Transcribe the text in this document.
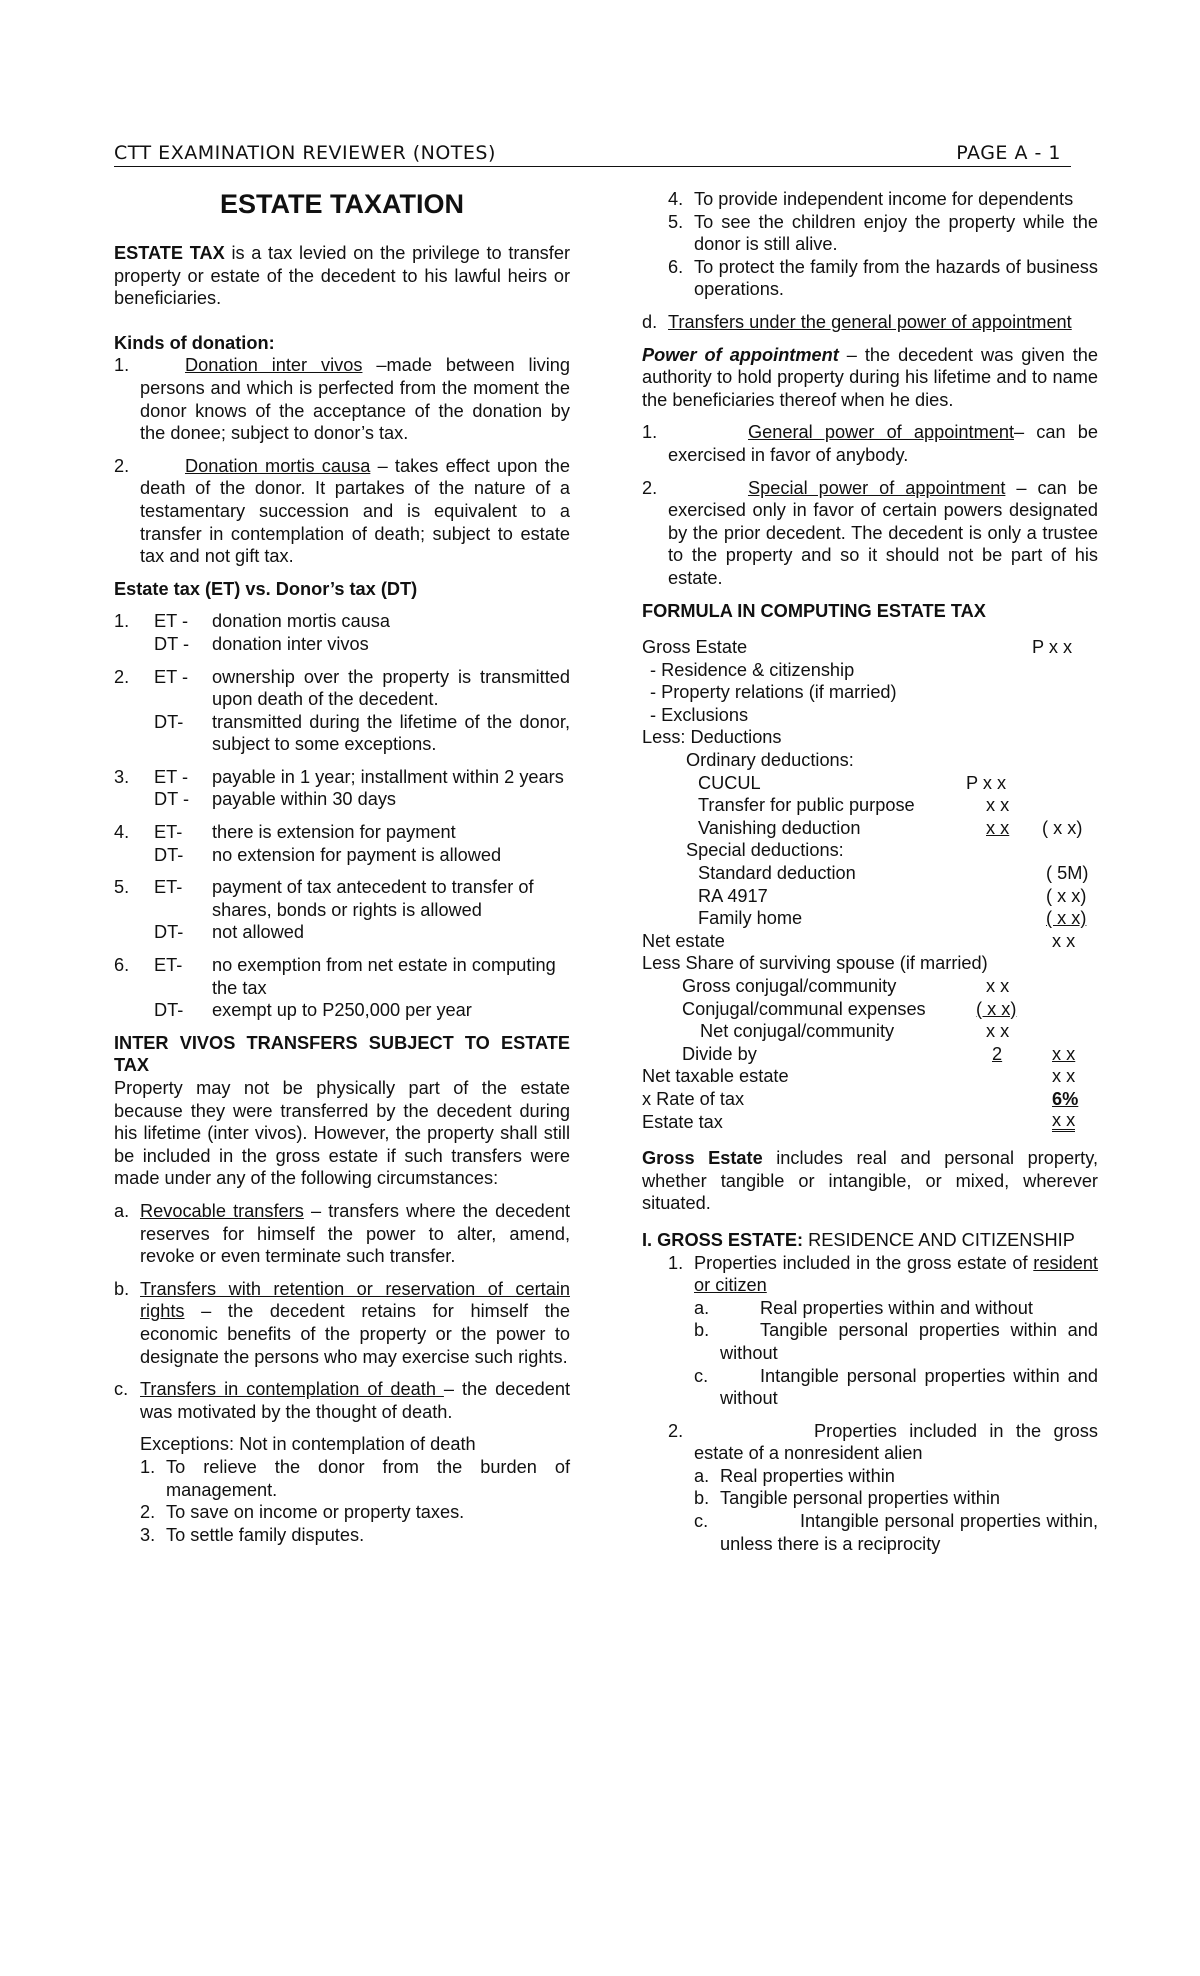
CTT EXAMINATION REVIEWER (NOTES)	PAGE A - 1
ESTATE TAXATION

ESTATE TAX is a tax levied on the privilege to transfer property or estate of the decedent to his lawful heirs or beneficiaries.

Kinds of donation:

1.	Donation inter vivos –made between living persons and which is perfected from the moment the donor knows of the acceptance of the donation by the donee; subject to donor’s tax.
2.	Donation mortis causa – takes effect upon the death of the donor. It partakes of the nature of a testamentary succession and is equivalent to a transfer in contemplation of death; subject to estate tax and not gift tax.

Estate tax (ET) vs. Donor’s tax (DT)

1.	ET -	donation mortis causa
DT -	donation inter vivos
2.	ET -	ownership over the property is transmitted upon death of the decedent.
DT-	transmitted during the lifetime of the donor, subject to some exceptions.
3.	ET -	payable in 1 year; installment within 2 years
DT -	payable within 30 days
4.	ET-	there is extension for payment
DT-	no extension for payment is allowed
5.	ET-	payment of tax antecedent to transfer of shares, bonds or rights is allowed
DT-	not allowed
6.	ET-	no exemption from net estate in computing the tax
DT-	exempt up to P250,000 per year

INTER VIVOS TRANSFERS SUBJECT TO ESTATE TAX

Property may not be physically part of the estate because they were transferred by the decedent during his lifetime (inter vivos). However, the property shall still be included in the gross estate if such transfers were made under any of the following circumstances:

a. Revocable transfers – transfers where the decedent reserves for himself the power to alter, amend, revoke or even terminate such transfer.
b. Transfers with retention or reservation of certain rights – the decedent retains for himself the economic benefits of the property or the power to designate the persons who may exercise such rights.
c. Transfers in contemplation of death – the decedent was motivated by the thought of death.

Exceptions: Not in contemplation of death

1. To relieve the donor from the burden of management.
2. To save on income or property taxes.
3. To settle family disputes.
4. To provide independent income for dependents
5. To see the children enjoy the property while the donor is still alive.
6. To protect the family from the hazards of business operations.
d. Transfers under the general power of appointment

Power of appointment – the decedent was given the authority to hold property during his lifetime and to name the beneficiaries thereof when he dies.

1.	General power of appointment– can be exercised in favor of anybody.
2.	Special power of appointment – can be exercised only in favor of certain powers designated by the prior decedent. The decedent is only a trustee to the property and so it should not be part of his estate.

FORMULA IN COMPUTING ESTATE TAX

Gross Estate	P x x
- Residence & citizenship
- Property relations (if married)
- Exclusions
Less: Deductions
Ordinary deductions:
CUCUL	P x x
Transfer for public purpose	x x
Vanishing deduction	x x ( x x)
Special deductions:
Standard deduction	( 5M)
RA 4917	( x x)
Family home	( x x)
Net estate	x x
Less Share of surviving spouse (if married)
Gross conjugal/community	x x
Conjugal/communal expenses	( x x)
Net conjugal/community	x x
Divide by	2	x x
Net taxable estate	x x
x Rate of tax	6%
Estate tax	x x

Gross Estate includes real and personal property, whether tangible or intangible, or mixed, wherever situated.

I. GROSS ESTATE: RESIDENCE AND CITIZENSHIP

1. Properties included in the gross estate of resident or citizen
a.	Real properties within and without
b.	Tangible personal properties within and without
c.	Intangible personal properties within and without
2.	Properties included in the gross estate of a nonresident alien
a. Real properties within
b. Tangible personal properties within
c.	Intangible personal properties within, unless there is a reciprocity
